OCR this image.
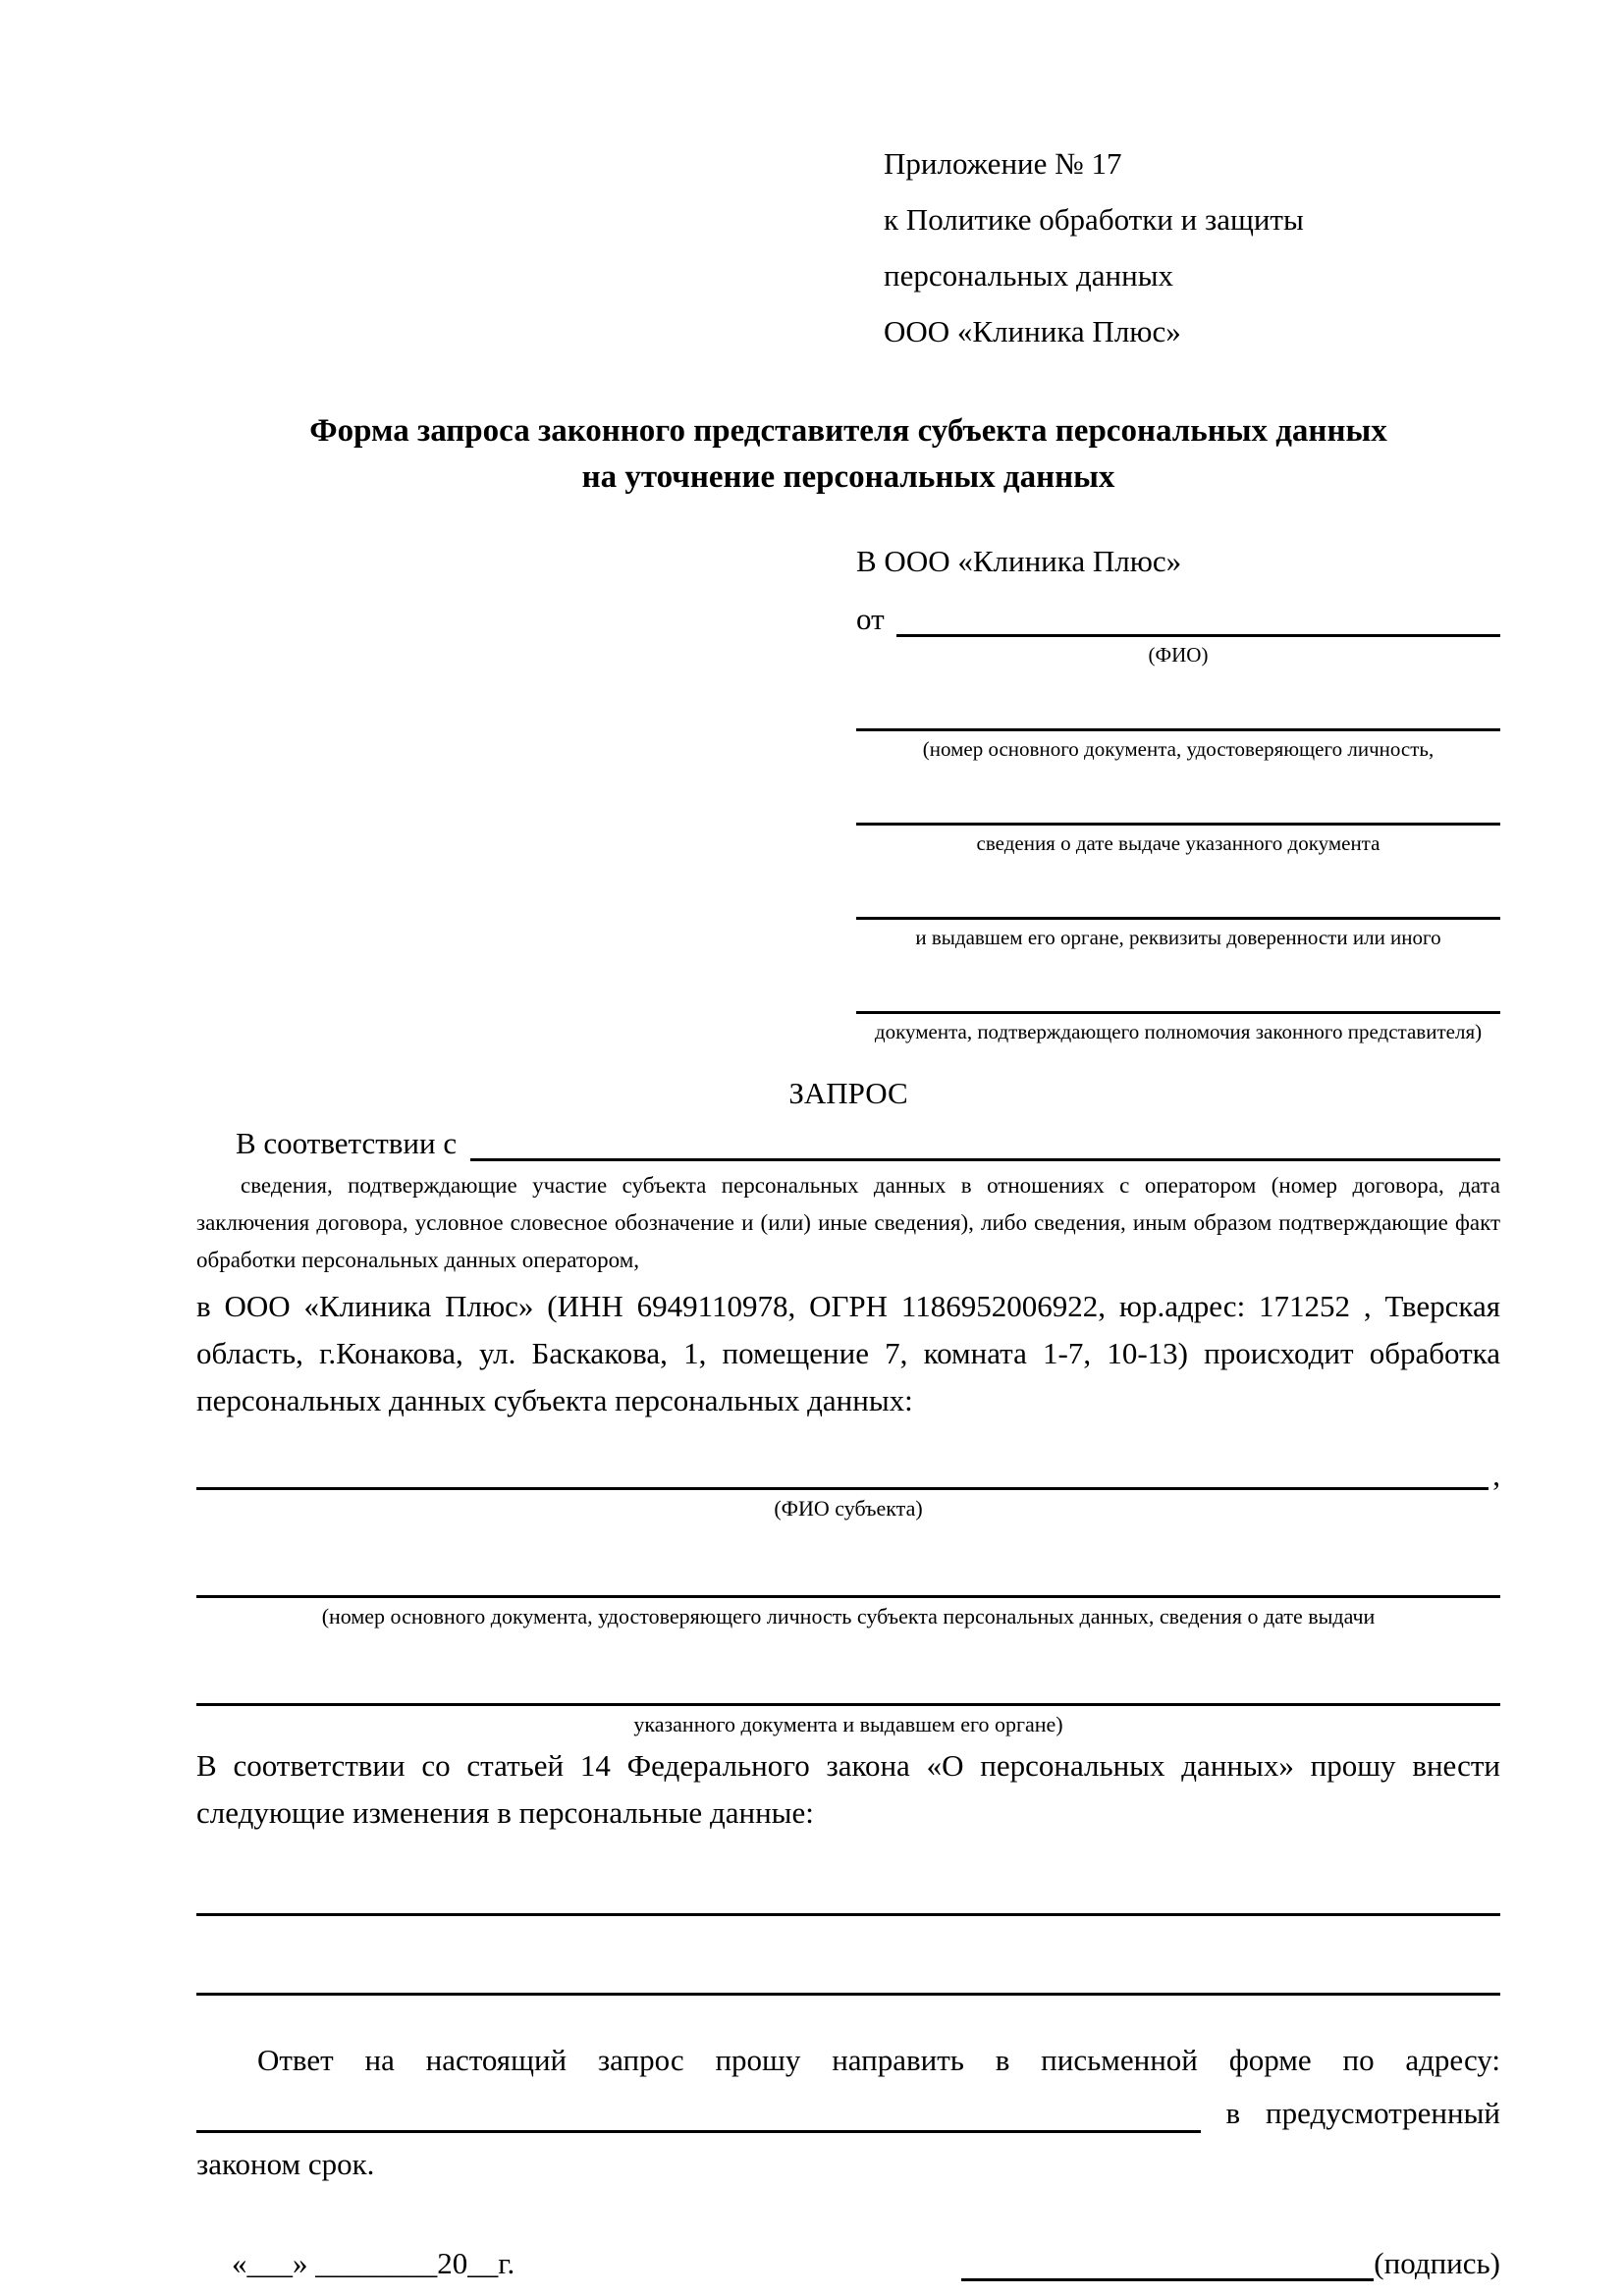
Приложение № 17
к Политике обработки и защиты
персональных данных
ООО «Клиника Плюс»
Форма запроса законного представителя субъекта персональных данных
на уточнение персональных данных
В ООО «Клиника Плюс»
от
(ФИО)
(номер основного документа, удостоверяющего личность,
сведения о дате выдаче указанного документа
и выдавшем его органе, реквизиты доверенности или иного
документа, подтверждающего полномочия законного представителя)
ЗАПРОС
В соответствии с

сведения, подтверждающие участие субъекта персональных данных в отношениях с оператором (номер договора, дата заключения договора, условное словесное обозначение и (или) иные сведения), либо сведения, иным образом подтверждающие факт обработки персональных данных оператором,

в ООО «Клиника Плюс» (ИНН 6949110978, ОГРН 1186952006922, юр.адрес: 171252 , Тверская область, г.Конакова, ул. Баскакова, 1, помещение 7, комната 1-7, 10-13) происходит обработка персональных данных субъекта персональных данных:

,
(ФИО субъекта)
(номер основного документа, удостоверяющего личность субъекта персональных данных, сведения о дате выдачи
указанного документа и выдавшем его органе)

В соответствии со статьей 14 Федерального закона «О персональных данных» прошу внести следующие изменения в персональные данные:

Ответ на настоящий запрос прошу направить в письменной форме по адресу:

в предусмотренный

законом срок.

«___» ________20__г.	(подпись)
